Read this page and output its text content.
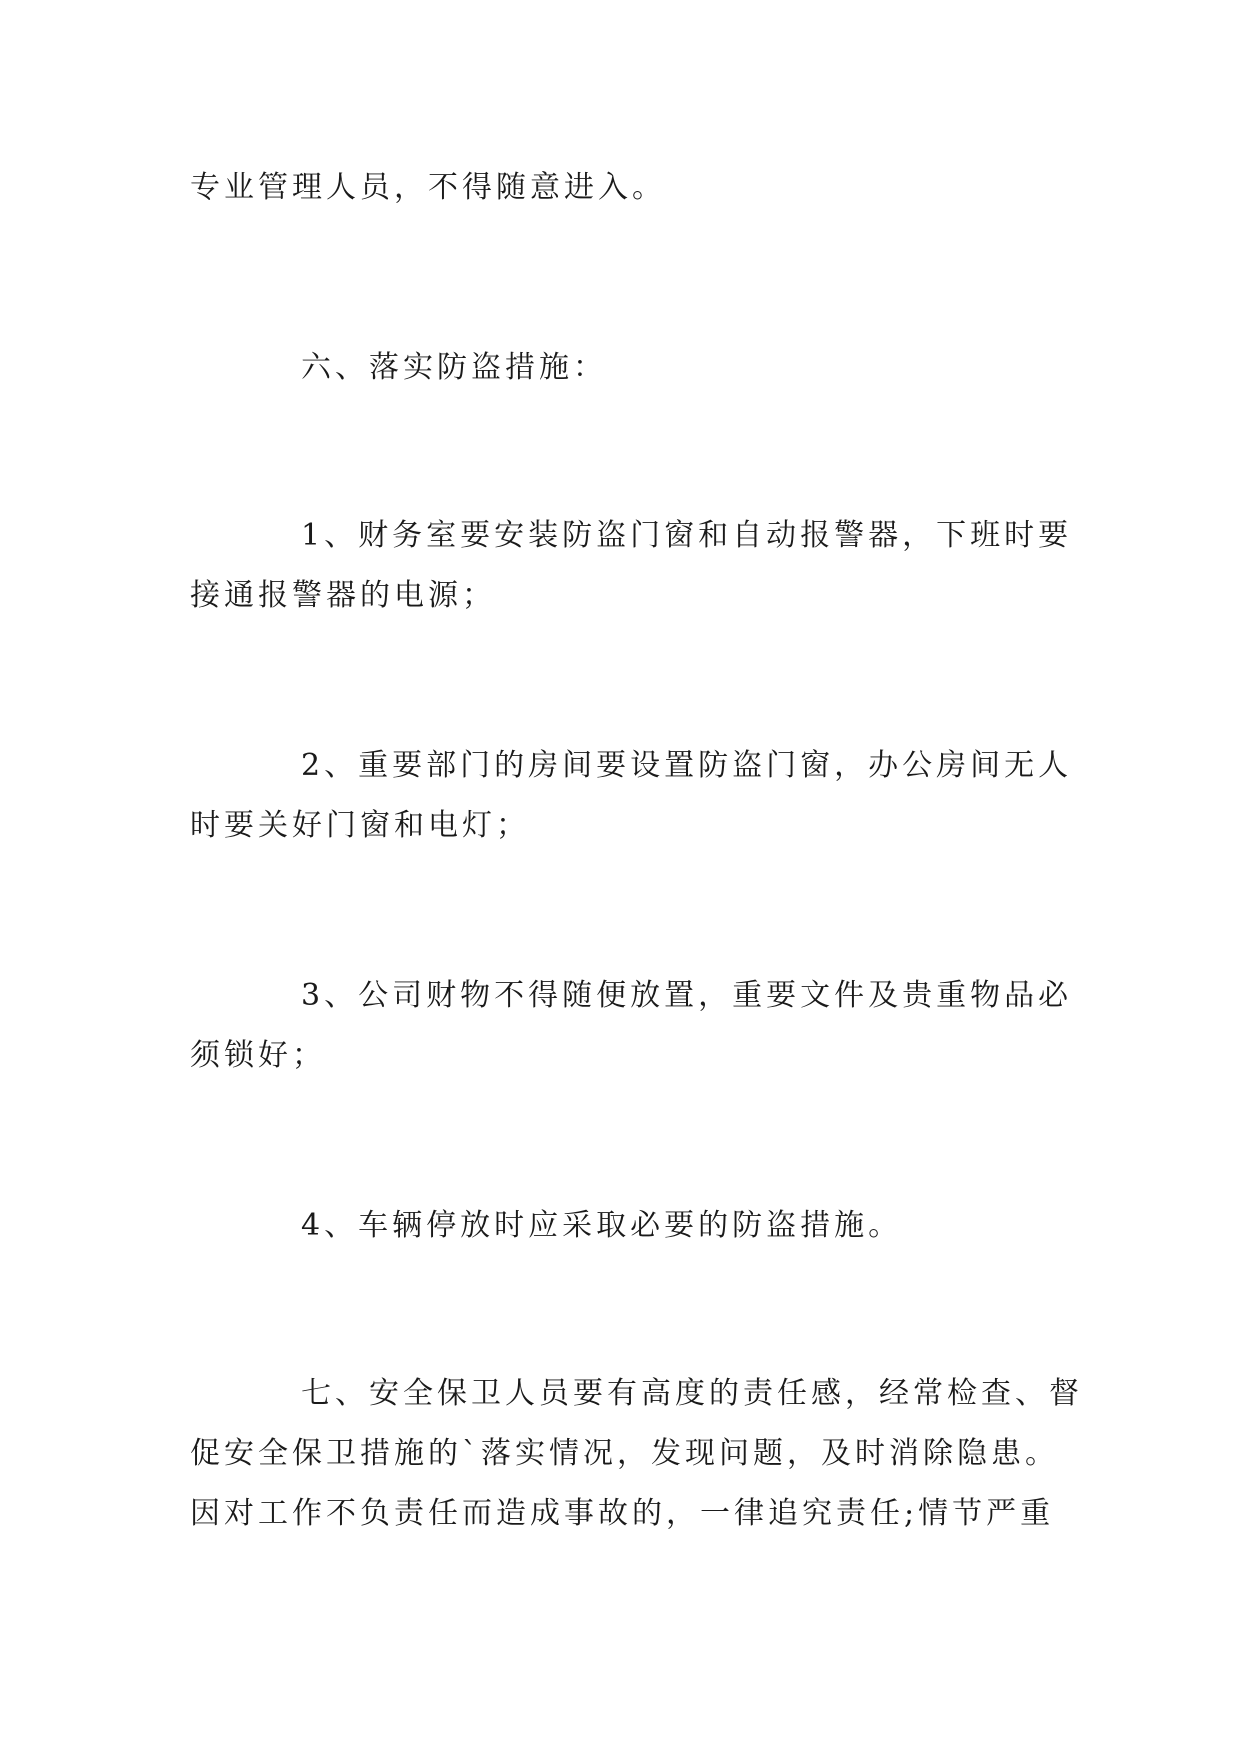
专业管理人员，不得随意进入。

六、落实防盗措施：

1、财务室要安装防盗门窗和自动报警器，下班时要
接通报警器的电源；

2、重要部门的房间要设置防盗门窗，办公房间无人
时要关好门窗和电灯；

3、公司财物不得随便放置，重要文件及贵重物品必
须锁好；

4、车辆停放时应采取必要的防盗措施。

七、安全保卫人员要有高度的责任感，经常检查、督
促安全保卫措施的`落实情况，发现问题，及时消除隐患。
因对工作不负责任而造成事故的，一律追究责任;情节严重
